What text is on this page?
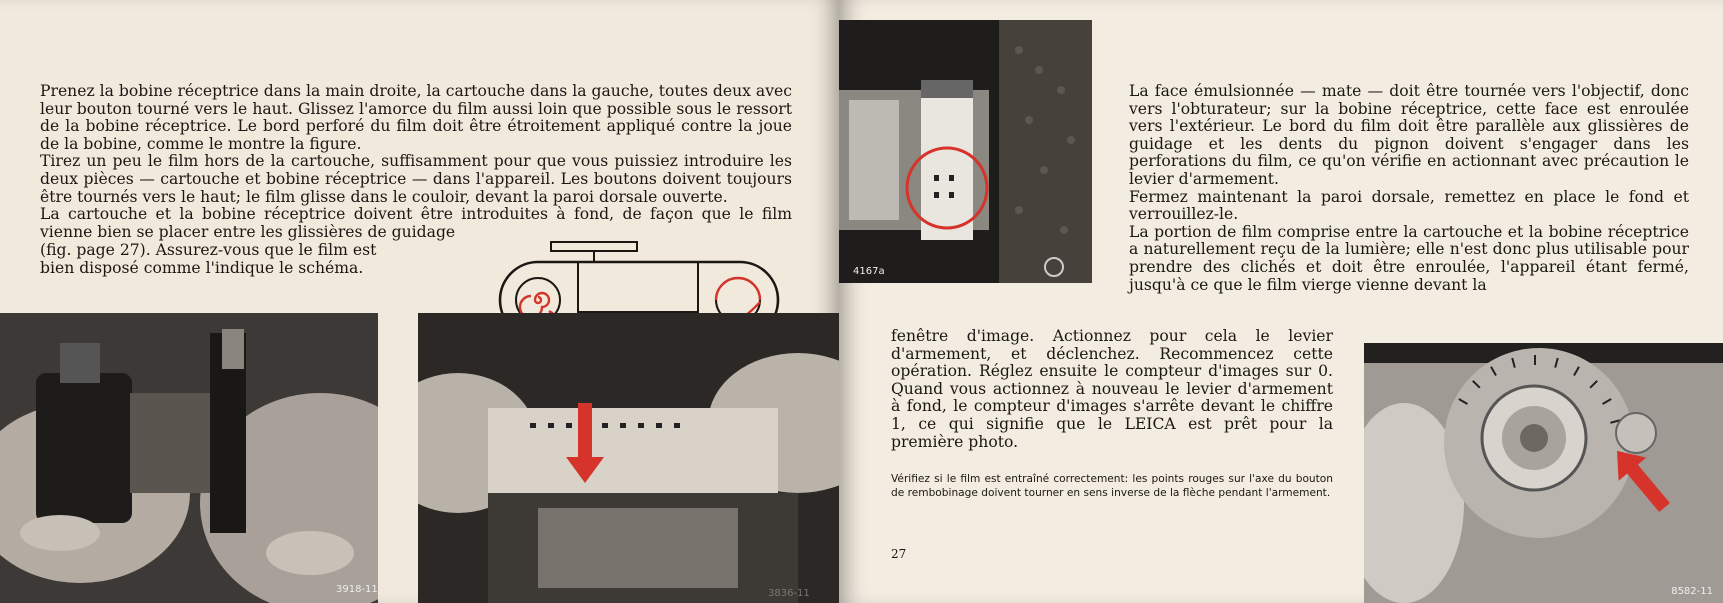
Prenez la bobine réceptrice dans la main droite, la cartouche dans la gauche, toutes deux avec leur bouton tourné vers le haut. Glissez l'amorce du film aussi loin que possible sous le ressort de la bobine réceptrice. Le bord perforé du film doit être étroitement appliqué contre la joue de la bobine, comme le montre la figure.

Tirez un peu le film hors de la cartouche, suffisamment pour que vous puissiez introduire les deux pièces — cartouche et bobine réceptrice — dans l'appareil. Les boutons doivent toujours être tournés vers le haut; le film glisse dans le couloir, devant la paroi dorsale ouverte.

La cartouche et la bobine réceptrice doivent être introduites à fond, de façon que le film vienne bien se placer entre les glissières de guidage

(fig. page 27). Assurez-vous que le film est bien disposé comme l'indique le schéma.
3918-11	3836-11
4167a

La face émulsionnée — mate — doit être tournée vers l'objectif, donc vers l'obturateur; sur la bobine réceptrice, cette face est enroulée vers l'extérieur. Le bord du film doit être parallèle aux glissières de guidage et les dents du pignon doivent s'engager dans les perforations du film, ce qu'on vérifie en actionnant avec précaution le levier d'armement.

Fermez maintenant la paroi dorsale, remettez en place le fond et verrouillez-le.

La portion de film comprise entre la cartouche et la bobine réceptrice a naturellement reçu de la lumière; elle n'est donc plus utilisable pour prendre des clichés et doit être enroulée, l'appareil étant fermé, jusqu'à ce que le film vierge vienne devant la

fenêtre d'image. Actionnez pour cela le levier d'armement, et déclenchez. Recommencez cette opération. Réglez ensuite le compteur d'images sur 0. Quand vous actionnez à nouveau le levier d'armement à fond, le compteur d'images s'arrête devant le chiffre 1, ce qui signifie que le LEICA est prêt pour la première photo.
Vérifiez si le film est entraîné correctement: les points rouges sur l'axe du bouton de rembobinage doivent tourner en sens inverse de la flèche pendant l'armement.
27
8582-11
